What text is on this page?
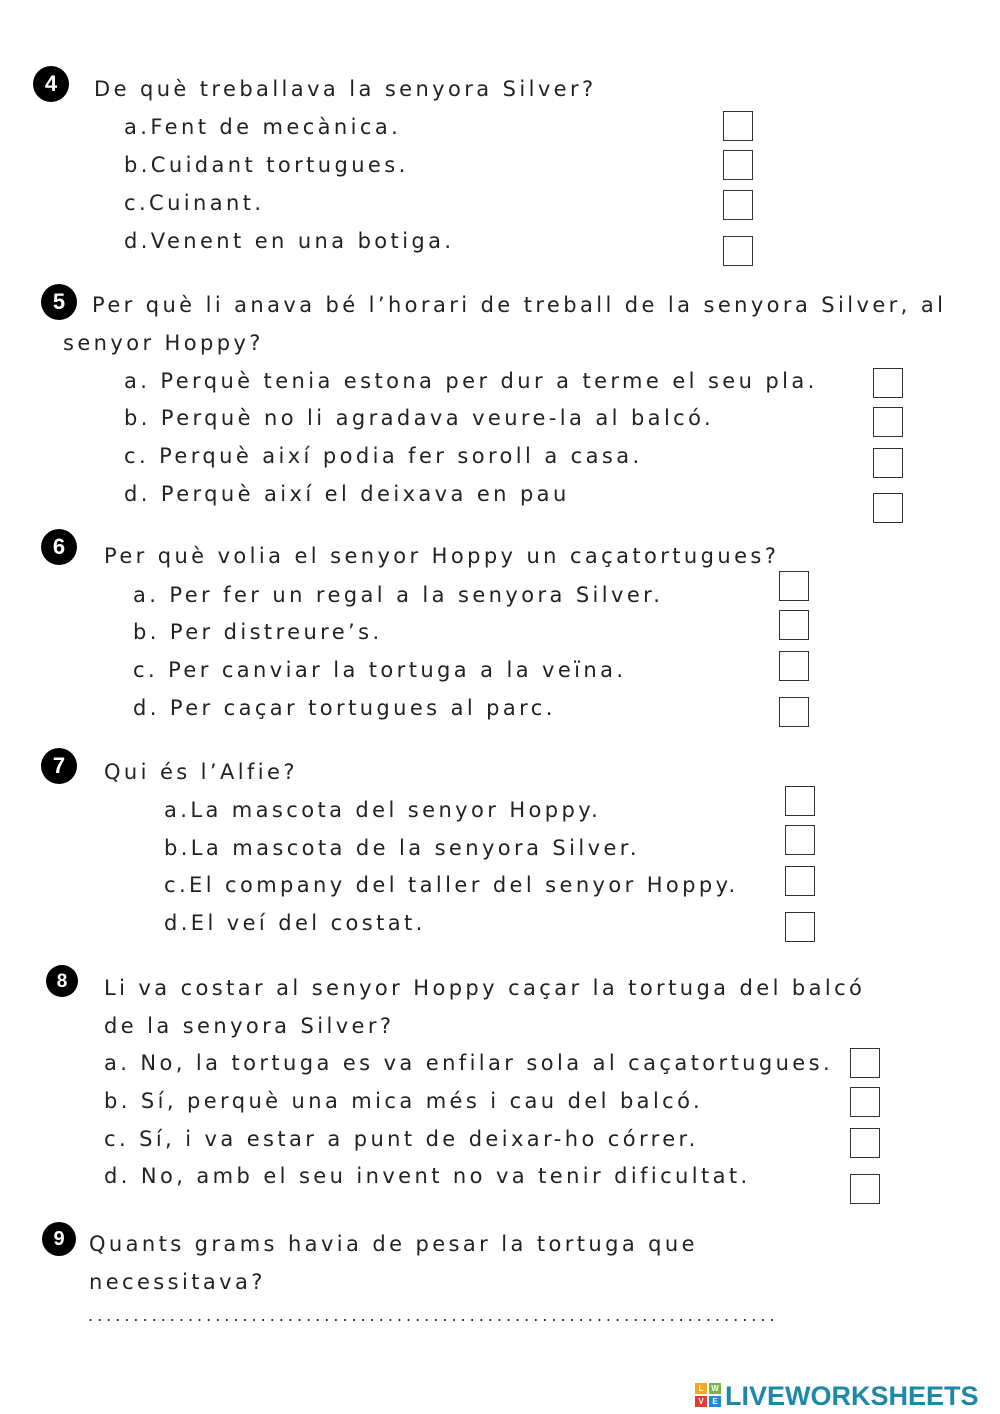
4	De què treballava la senyora Silver?
a.Fent de mecànica.
b.Cuidant tortugues.
c.Cuinant.
d.Venent en una botiga.
5	Per què li anava bé l’horari de treball de la senyora Silver, al
senyor Hoppy?
a. Perquè tenia estona per dur a terme el seu pla.
b. Perquè no li agradava veure-la al balcó.
c. Perquè així podia fer soroll a casa.
d. Perquè així el deixava en pau
6	Per què volia el senyor Hoppy un caçatortugues?
a. Per fer un regal a la senyora Silver.
b. Per distreure’s.
c. Per canviar la tortuga a la veïna.
d. Per caçar tortugues al parc.
7	Qui és l’Alfie?
a.La mascota del senyor Hoppy.
b.La mascota de la senyora Silver.
c.El company del taller del senyor Hoppy.
d.El veí del costat.
8	Li va costar al senyor Hoppy caçar la tortuga del balcó
de la senyora Silver?
a. No, la tortuga es va enfilar sola al caçatortugues.
b. Sí, perquè una mica més i cau del balcó.
c. Sí, i va estar a punt de deixar-ho córrer.
d. No, amb el seu invent no va tenir dificultat.
9	Quants grams havia de pesar la tortuga que
necessitava?
............................................................................
L W
V	E LIVEWORKSHEETS
